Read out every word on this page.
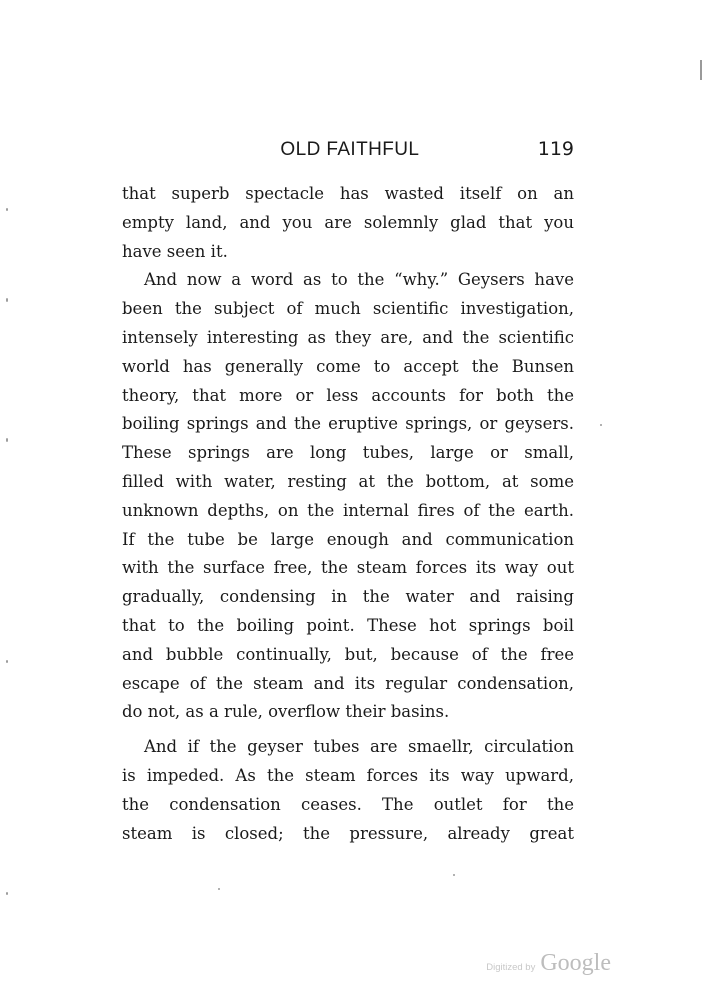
OLD FAITHFUL	119
that superb spectacle has wasted itself on an
empty land, and you are solemnly glad that you
have seen it.
And now a word as to the “why.” Geysers have
been the subject of much scientific investigation,
intensely interesting as they are, and the scientific
world has generally come to accept the Bunsen
theory, that more or less accounts for both the
boiling springs and the eruptive springs, or geysers.
These springs are long tubes, large or small,
filled with water, resting at the bottom, at some
unknown depths, on the internal fires of the earth.
If the tube be large enough and communication
with the surface free, the steam forces its way out
gradually, condensing in the water and raising
that to the boiling point. These hot springs boil
and bubble continually, but, because of the free
escape of the steam and its regular condensation,
do not, as a rule, overflow their basins.
And if the geyser tubes are smaellr, circulation
is impeded. As the steam forces its way upward,
the condensation ceases. The outlet for the
steam is closed; the pressure, already great
Digitized by Google
